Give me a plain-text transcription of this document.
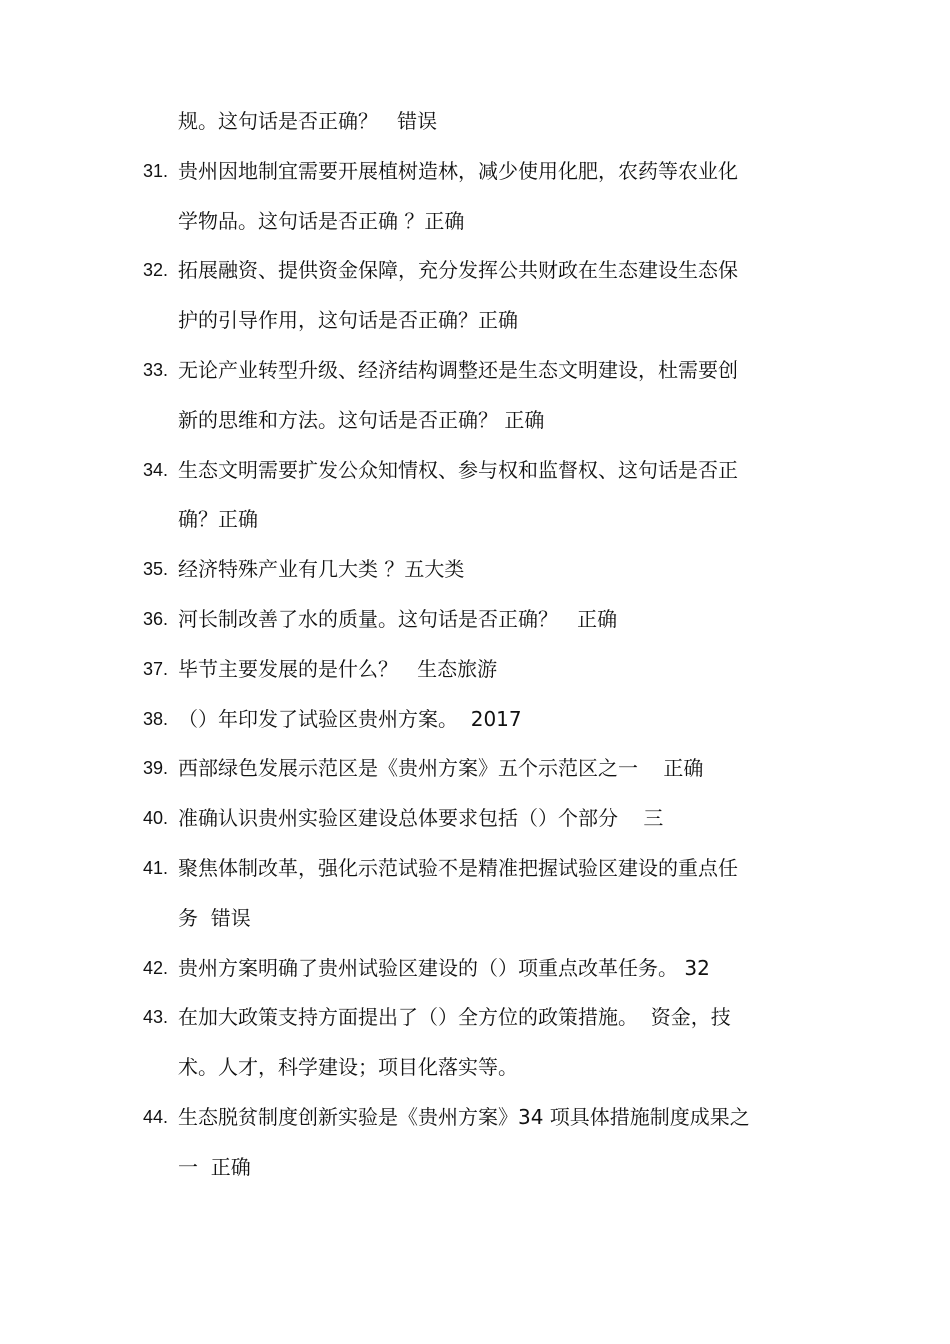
规。这句话是否正确？   错误
31. 贵州因地制宜需要开展植树造林，减少使用化肥，农药等农业化
学物品。这句话是否正确 ？正确
32. 拓展融资、提供资金保障，充分发挥公共财政在生态建设生态保
护的引导作用，这句话是否正确？正确
33. 无论产业转型升级、经济结构调整还是生态文明建设，杜需要创
新的思维和方法。这句话是否正确？ 正确
34. 生态文明需要扩发公众知情权、参与权和监督权、这句话是否正
确？正确
35. 经济特殊产业有几大类 ？五大类
36. 河长制改善了水的质量。这句话是否正确？   正确
37. 毕节主要发展的是什么？   生态旅游
38. （）年印发了试验区贵州方案。  2017
39. 西部绿色发展示范区是《贵州方案》五个示范区之一    正确
40. 准确认识贵州实验区建设总体要求包括（）个部分    三
41. 聚焦体制改革，强化示范试验不是精准把握试验区建设的重点任
务  错误
42. 贵州方案明确了贵州试验区建设的（）项重点改革任务。 32
43. 在加大政策支持方面提出了（）全方位的政策措施。  资金，技
术。人才，科学建设；项目化落实等。
44. 生态脱贫制度创新实验是《贵州方案》34 项具体措施制度成果之
一  正确
